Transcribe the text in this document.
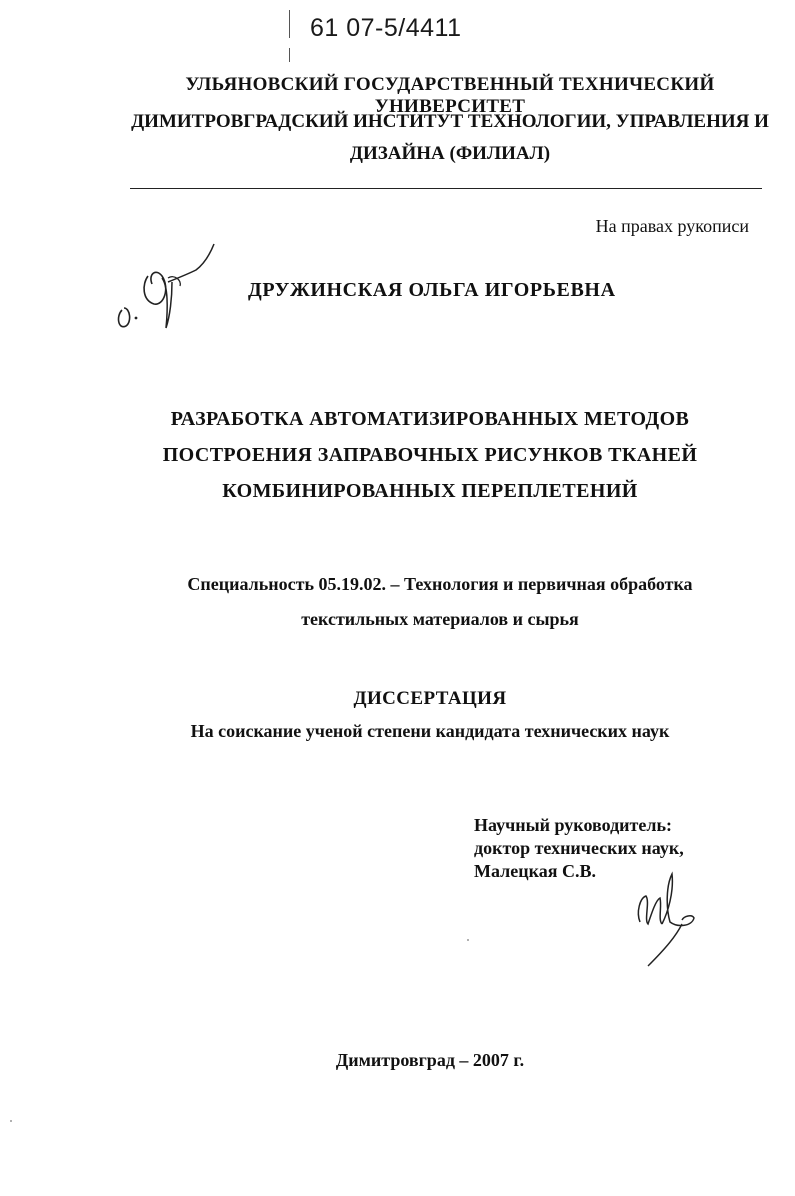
61 07-5/4411
УЛЬЯНОВСКИЙ ГОСУДАРСТВЕННЫЙ ТЕХНИЧЕСКИЙ УНИВЕРСИТЕТ
ДИМИТРОВГРАДСКИЙ ИНСТИТУТ ТЕХНОЛОГИИ, УПРАВЛЕНИЯ И
ДИЗАЙНА (ФИЛИАЛ)
На правах рукописи
ДРУЖИНСКАЯ ОЛЬГА ИГОРЬЕВНА
РАЗРАБОТКА АВТОМАТИЗИРОВАННЫХ МЕТОДОВ
ПОСТРОЕНИЯ ЗАПРАВОЧНЫХ РИСУНКОВ ТКАНЕЙ
КОМБИНИРОВАННЫХ ПЕРЕПЛЕТЕНИЙ
Специальность 05.19.02. – Технология и первичная обработка
текстильных материалов и сырья
ДИССЕРТАЦИЯ
На соискание ученой степени кандидата технических наук
Научный руководитель:
доктор технических наук,
Малецкая С.В.
Димитровград – 2007 г.
